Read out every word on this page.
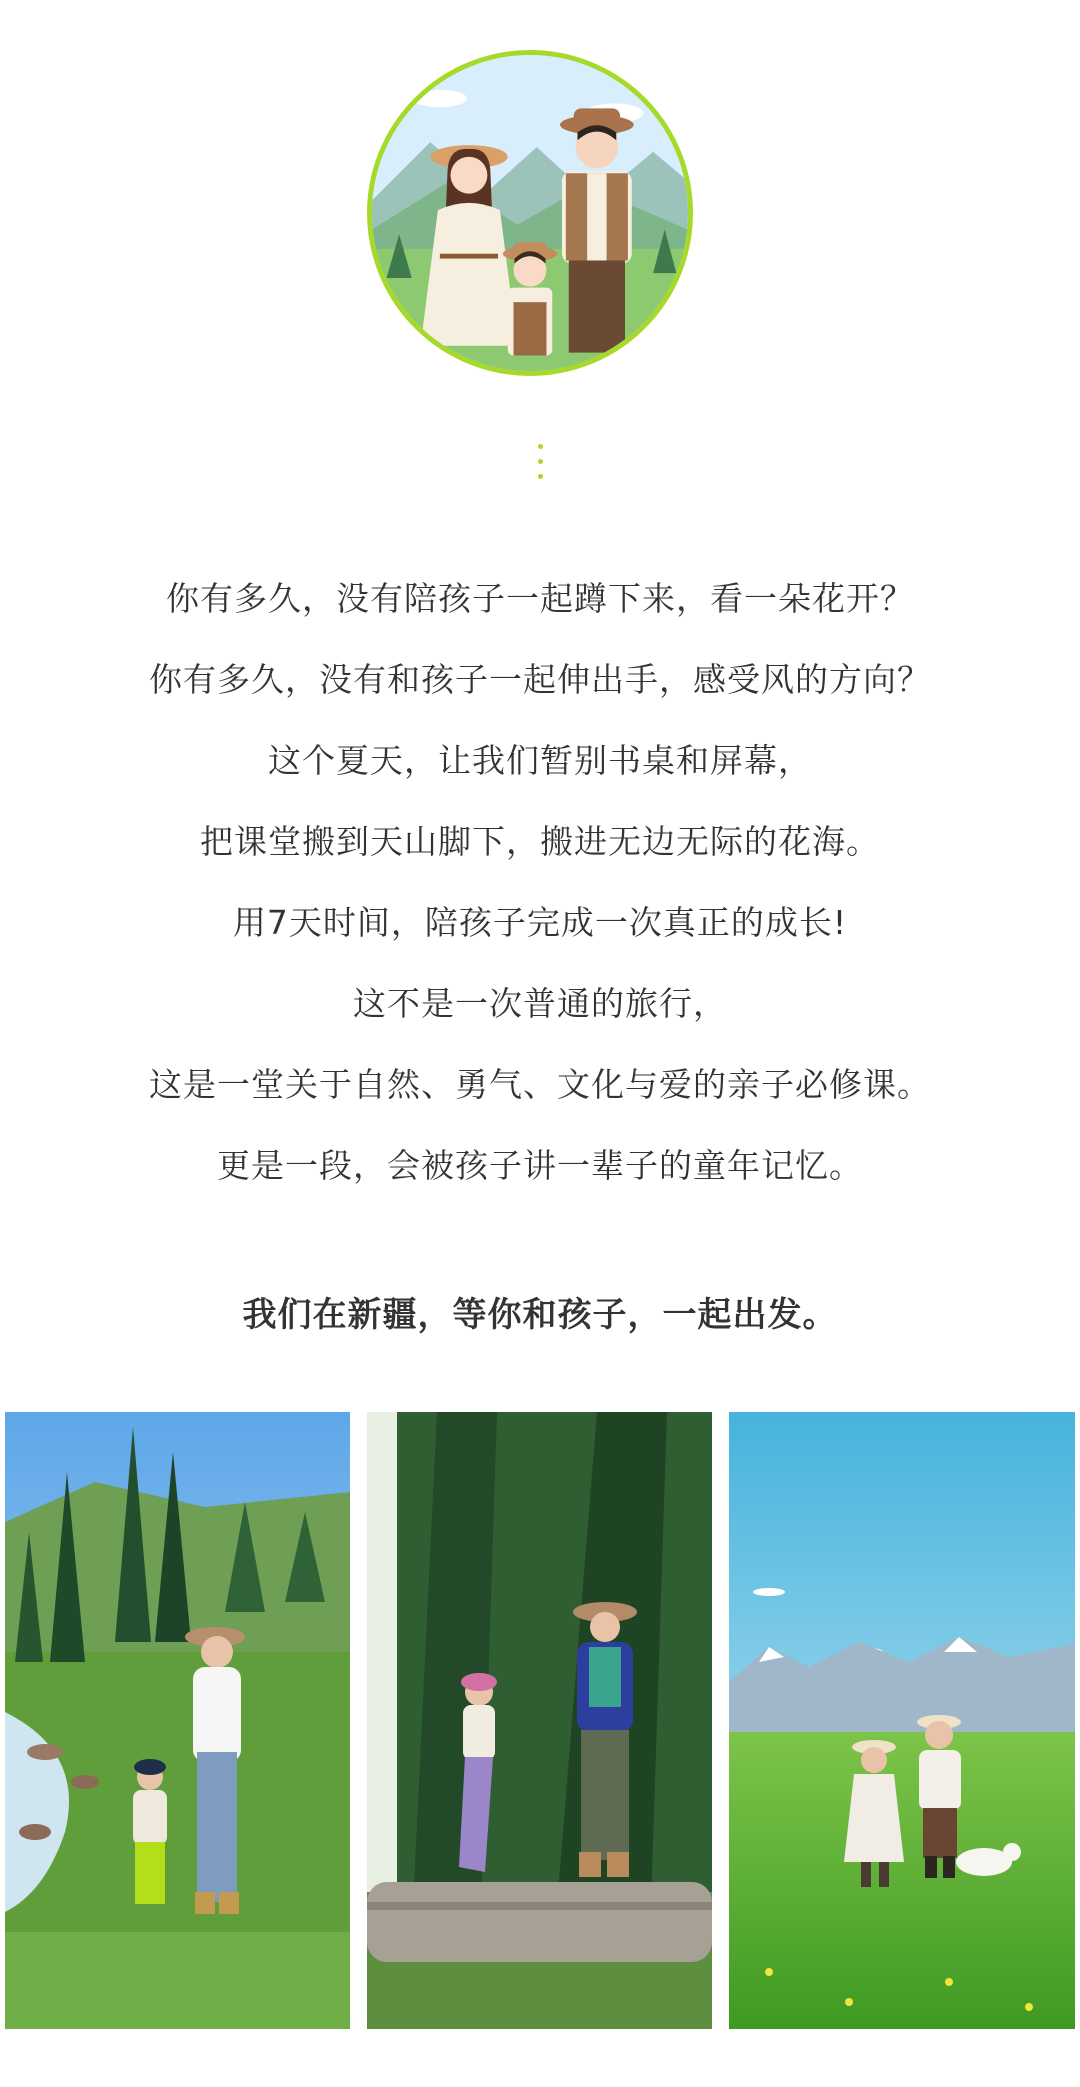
你有多久，没有陪孩子一起蹲下来，看一朵花开？
你有多久，没有和孩子一起伸出手，感受风的方向？
这个夏天，让我们暂别书桌和屏幕，
把课堂搬到天山脚下，搬进无边无际的花海。
用7天时间，陪孩子完成一次真正的成长!
这不是一次普通的旅行，
这是一堂关于自然、勇气、文化与爱的亲子必修课。
更是一段，会被孩子讲一辈子的童年记忆。
我们在新疆，等你和孩子，一起出发。
